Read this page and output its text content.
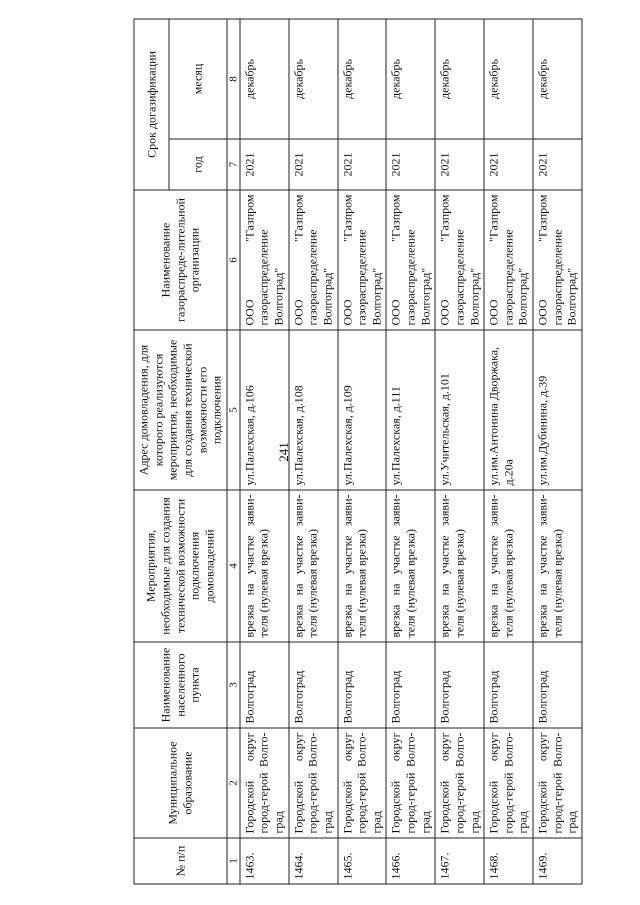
241
№ п/п	Муниципальное образование	Наименование населенного пункта	Мероприятия, необходимые для создания технической возможности подключения домовладений	Адрес домовладения, для которого реализуются мероприятия, необходимые для создания технической возможности его подключения	Наименование газораспреде-лительной организации	Срок догазификации	
						год	месяц
1	2	3	4	5	6	7	8
1463.	Городской округ город-герой Волго-град	Волгоград	врезка на участке заяви-теля (нулевая врезка)	ул.Палехская, д.106	ООО "Газпром газораспределение Волгоград"	2021	декабрь
1464.	Городской округ город-герой Волго-град	Волгоград	врезка на участке заяви-теля (нулевая врезка)	ул.Палехская, д.108	ООО "Газпром газораспределение Волгоград"	2021	декабрь
1465.	Городской округ город-герой Волго-град	Волгоград	врезка на участке заяви-теля (нулевая врезка)	ул.Палехская, д.109	ООО "Газпром газораспределение Волгоград"	2021	декабрь
1466.	Городской округ город-герой Волго-град	Волгоград	врезка на участке заяви-теля (нулевая врезка)	ул.Палехская, д.111	ООО "Газпром газораспределение Волгоград"	2021	декабрь
1467.	Городской округ город-герой Волго-град	Волгоград	врезка на участке заяви-теля (нулевая врезка)	ул.Учительская, д.101	ООО "Газпром газораспределение Волгоград"	2021	декабрь
1468.	Городской округ город-герой Волго-град	Волгоград	врезка на участке заяви-теля (нулевая врезка)	ул.им.Антонина Дворжака, д.20а	ООО "Газпром газораспределение Волгоград"	2021	декабрь
1469.	Городской округ город-герой Волго-град	Волгоград	врезка на участке заяви-теля (нулевая врезка)	ул.им.Дубинина, д.39	ООО "Газпром газораспределение Волгоград"	2021	декабрь
